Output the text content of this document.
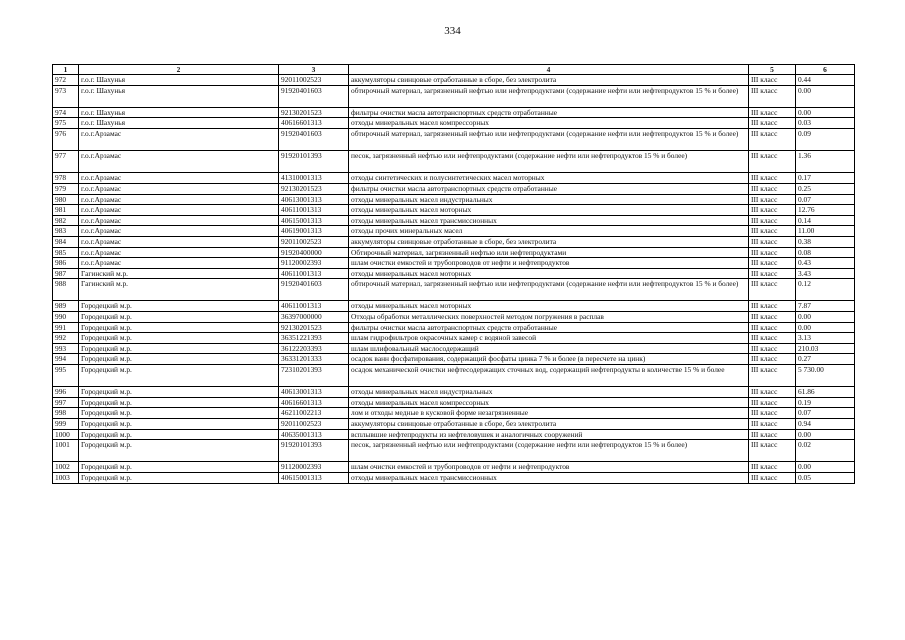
334
1	2	3	4	5	6
972	г.о.г. Шахунья	92011002523	аккумуляторы свинцовые отработанные в сборе, без электролита	III класс	0.44
973	г.о.г. Шахунья	91920401603	обтирочный материал, загрязненный нефтью или нефтепродуктами (содержание нефти или нефтепродуктов 15 % и более)	III класс	0.00
974	г.о.г. Шахунья	92130201523	фильтры очистки масла автотранспортных средств отработанные	III класс	0.00
975	г.о.г. Шахунья	40616601313	отходы минеральных масел компрессорных	III класс	0.03
976	г.о.г.Арзамас	91920401603	обтирочный материал, загрязненный нефтью или нефтепродуктами (содержание нефти или нефтепродуктов 15 % и более)	III класс	0.09
977	г.о.г.Арзамас	91920101393	песок, загрязненный нефтью или нефтепродуктами (содержание нефти или нефтепродуктов 15 % и более)	III класс	1.36
978	г.о.г.Арзамас	41310001313	отходы синтетических и полусинтетических масел моторных	III класс	0.17
979	г.о.г.Арзамас	92130201523	фильтры очистки масла автотранспортных средств отработанные	III класс	0.25
980	г.о.г.Арзамас	40613001313	отходы минеральных масел индустриальных	III класс	0.07
981	г.о.г.Арзамас	40611001313	отходы минеральных масел моторных	III класс	12.76
982	г.о.г.Арзамас	40615001313	отходы минеральных масел трансмиссионных	III класс	0.14
983	г.о.г.Арзамас	40619001313	отходы прочих минеральных масел	III класс	11.00
984	г.о.г.Арзамас	92011002523	аккумуляторы свинцовые отработанные в сборе, без электролита	III класс	0.38
985	г.о.г.Арзамас	91920400000	Обтирочный материал, загрязненный нефтью или нефтепродуктами	III класс	0.08
986	г.о.г.Арзамас	91120002393	шлам очистки емкостей и трубопроводов от нефти и нефтепродуктов	III класс	0.43
987	Гагинский м.р.	40611001313	отходы минеральных масел моторных	III класс	3.43
988	Гагинский м.р.	91920401603	обтирочный материал, загрязненный нефтью или нефтепродуктами (содержание нефти или нефтепродуктов 15 % и более)	III класс	0.12
989	Городецкий м.р.	40611001313	отходы минеральных масел моторных	III класс	7.87
990	Городецкий м.р.	36397000000	Отходы обработки металлических поверхностей методом погружения в расплав	III класс	0.00
991	Городецкий м.р.	92130201523	фильтры очистки масла автотранспортных средств отработанные	III класс	0.00
992	Городецкий м.р.	36351221393	шлам гидрофильтров окрасочных камер с водяной завесой	III класс	3.13
993	Городецкий м.р.	36122203393	шлам шлифовальный маслосодержащий	III класс	210.03
994	Городецкий м.р.	36331201333	осадок ванн фосфатирования, содержащий фосфаты цинка 7 % и более (в пересчете на цинк)	III класс	0.27
995	Городецкий м.р.	72310201393	осадок механической очистки нефтесодержащих сточных вод, содержащий нефтепродукты в количестве 15 % и более	III класс	5 730.00
996	Городецкий м.р.	40613001313	отходы минеральных масел индустриальных	III класс	61.86
997	Городецкий м.р.	40616601313	отходы минеральных масел компрессорных	III класс	0.19
998	Городецкий м.р.	46211002213	лом и отходы медные в кусковой форме незагрязненные	III класс	0.07
999	Городецкий м.р.	92011002523	аккумуляторы свинцовые отработанные в сборе, без электролита	III класс	0.94
1000	Городецкий м.р.	40635001313	всплывшие нефтепродукты из нефтеловушек и аналогичных сооружений	III класс	0.00
1001	Городецкий м.р.	91920101393	песок, загрязненный нефтью или нефтепродуктами (содержание нефти или нефтепродуктов 15 % и более)	III класс	0.02
1002	Городецкий м.р.	91120002393	шлам очистки емкостей и трубопроводов от нефти и нефтепродуктов	III класс	0.00
1003	Городецкий м.р.	40615001313	отходы минеральных масел трансмиссионных	III класс	0.05
